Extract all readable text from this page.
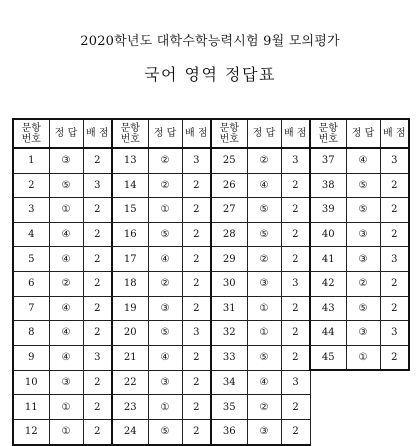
2020학년도 대학수학능력시험 9월 모의평가
국어 영역 정답표
문항번호	정 답	배 점	문항번호	정 답	배 점	문항번호	정 답	배 점	문항번호	정 답	배 점
1	③	2	13	②	3	25	②	3	37	④	3
2	⑤	3	14	②	2	26	④	2	38	⑤	2
3	①	2	15	①	2	27	⑤	2	39	⑤	2
4	④	2	16	⑤	2	28	⑤	2	40	③	2
5	④	2	17	④	2	29	②	2	41	③	3
6	②	2	18	②	2	30	③	3	42	②	2
7	④	2	19	③	2	31	①	2	43	⑤	2
8	④	2	20	⑤	3	32	①	2	44	③	3
9	④	3	21	④	2	33	⑤	2	45	①	2
10	③	2	22	③	2	34	④	3			
11	①	2	23	①	2	35	②	2			
12	①	2	24	⑤	2	36	③	2			
